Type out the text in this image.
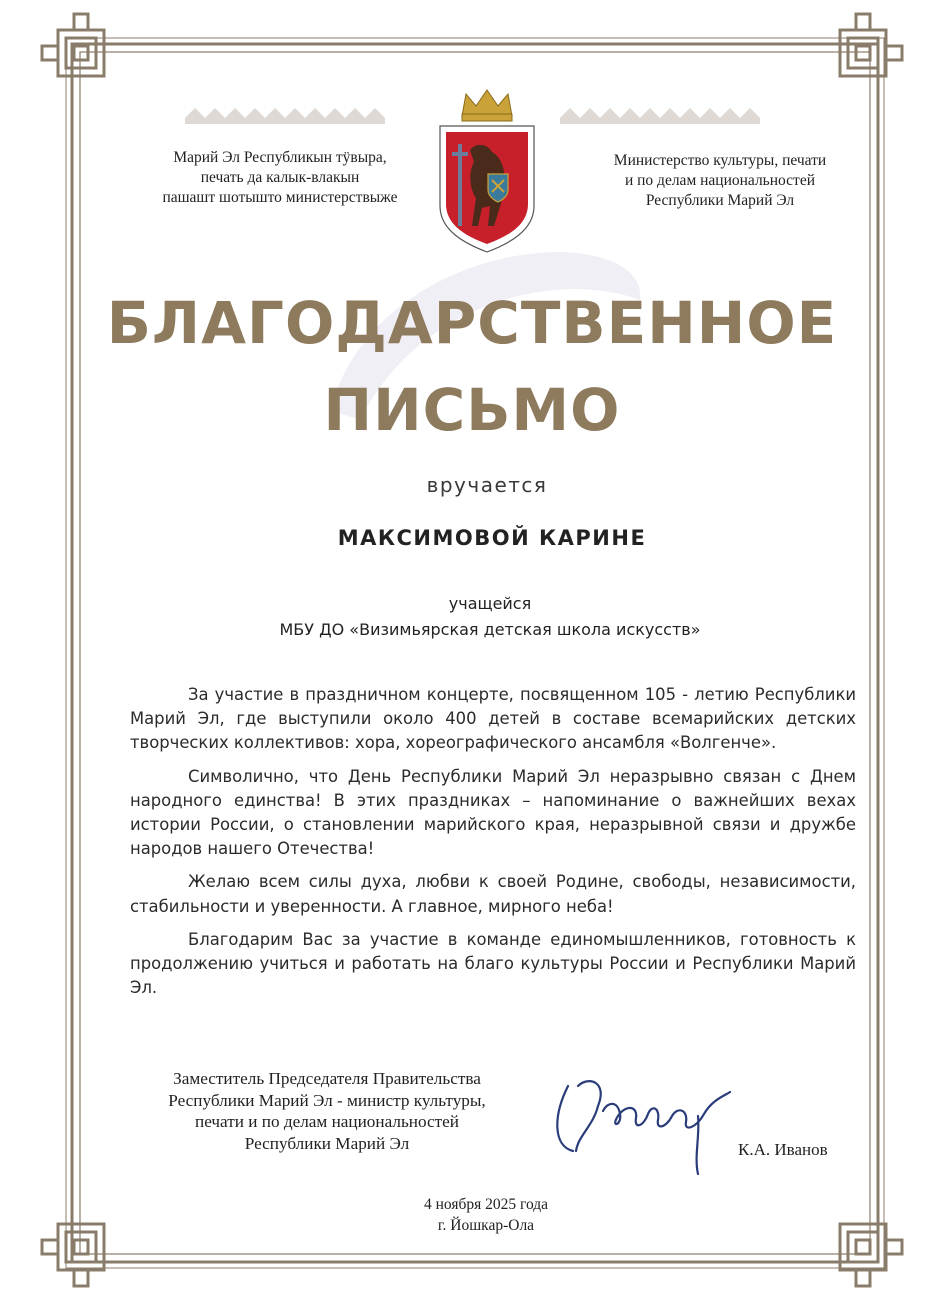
Марий Эл Республикын тӱвыра,
печать да калык-влакын
пашашт шотышто министерствыже
Министерство культуры, печати
и по делам национальностей
Республики Марий Эл
БЛАГОДАРСТВЕННОЕ
ПИСЬМО
вручается
МАКСИМОВОЙ КАРИНЕ
учащейся
МБУ ДО «Визимьярская детская школа искусств»

За участие в праздничном концерте, посвященном 105 - летию Республики Марий Эл, где выступили около 400 детей в составе всемарийских детских творческих коллективов: хора, хореографического ансамбля «Волгенче».

Символично, что День Республики Марий Эл неразрывно связан с Днем народного единства! В этих праздниках – напоминание о важнейших вехах истории России, о становлении марийского края, неразрывной связи и дружбе народов нашего Отечества!

Желаю всем силы духа, любви к своей Родине, свободы, независимости, стабильности и уверенности. А главное, мирного неба!

Благодарим Вас за участие в команде единомышленников, готовность к продолжению учиться и работать на благо культуры России и Республики Марий Эл.

Заместитель Председателя Правительства
Республики Марий Эл - министр культуры,
печати и по делам национальностей
Республики Марий Эл	К.А. Иванов
4 ноября 2025 года
г. Йошкар-Ола
